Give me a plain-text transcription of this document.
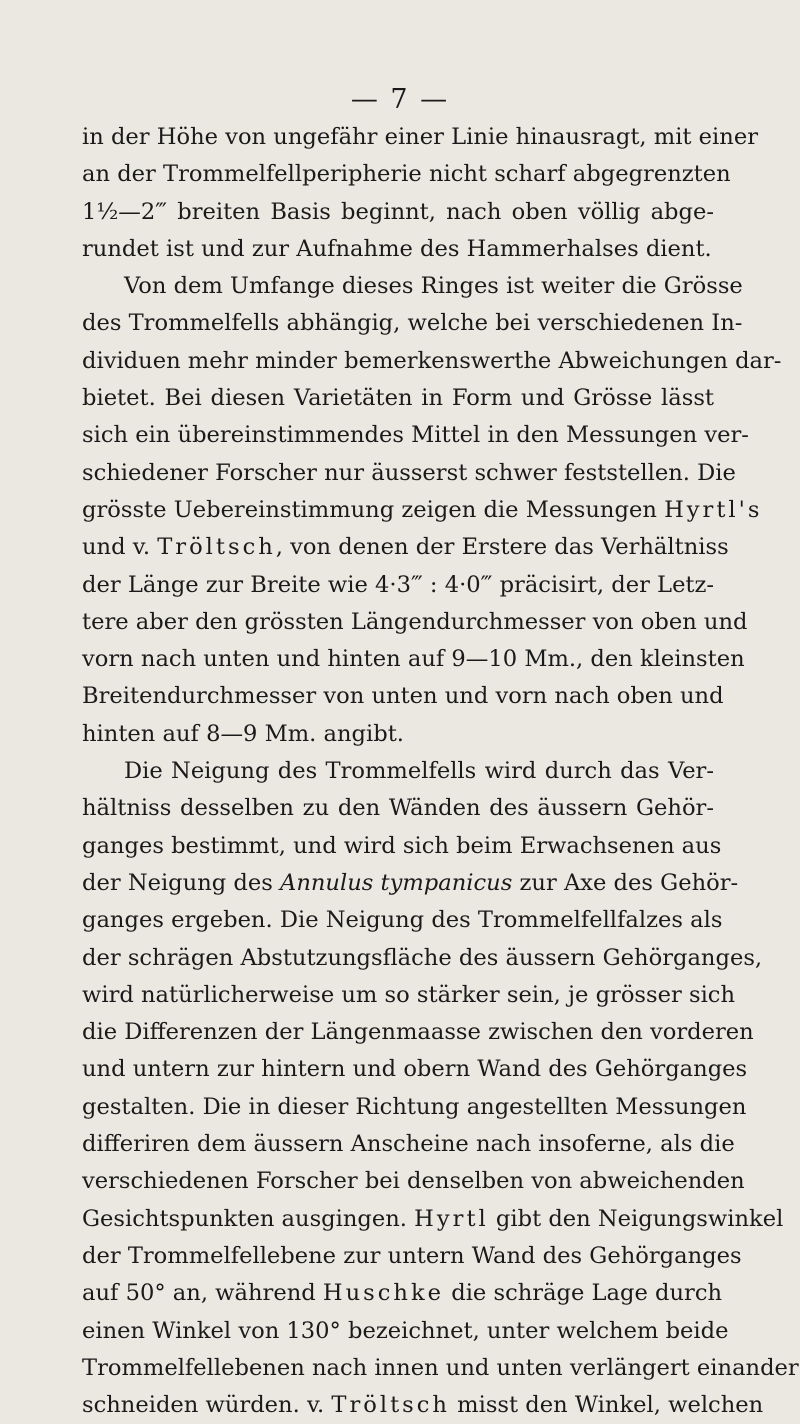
— 7 —
in der Höhe von ungefähr einer Linie hinausragt, mit einer
an der Trommelfellperipherie nicht scharf abgegrenzten
1½—2‴ breiten Basis beginnt, nach oben völlig abge-
rundet ist und zur Aufnahme des Hammerhalses dient.
Von dem Umfange dieses Ringes ist weiter die Grösse
des Trommelfells abhängig, welche bei verschiedenen In-
dividuen mehr minder bemerkenswerthe Abweichungen dar-
bietet. Bei diesen Varietäten in Form und Grösse lässt
sich ein übereinstimmendes Mittel in den Messungen ver-
schiedener Forscher nur äusserst schwer feststellen. Die
grösste Uebereinstimmung zeigen die Messungen Hyrtl's
und v. Tröltsch, von denen der Erstere das Verhältniss
der Länge zur Breite wie 4·3‴ : 4·0‴ präcisirt, der Letz-
tere aber den grössten Längendurchmesser von oben und
vorn nach unten und hinten auf 9—10 Mm., den kleinsten
Breitendurchmesser von unten und vorn nach oben und
hinten auf 8—9 Mm. angibt.
Die Neigung des Trommelfells wird durch das Ver-
hältniss desselben zu den Wänden des äussern Gehör-
ganges bestimmt, und wird sich beim Erwachsenen aus
der Neigung des Annulus tympanicus zur Axe des Gehör-
ganges ergeben. Die Neigung des Trommelfellfalzes als
der schrägen Abstutzungsfläche des äussern Gehörganges,
wird natürlicherweise um so stärker sein, je grösser sich
die Differenzen der Längenmaasse zwischen den vorderen
und untern zur hintern und obern Wand des Gehörganges
gestalten. Die in dieser Richtung angestellten Messungen
differiren dem äussern Anscheine nach insoferne, als die
verschiedenen Forscher bei denselben von abweichenden
Gesichtspunkten ausgingen. Hyrtl gibt den Neigungswinkel
der Trommelfellebene zur untern Wand des Gehörganges
auf 50° an, während Huschke die schräge Lage durch
einen Winkel von 130° bezeichnet, unter welchem beide
Trommelfellebenen nach innen und unten verlängert einander
schneiden würden. v. Tröltsch misst den Winkel, welchen
